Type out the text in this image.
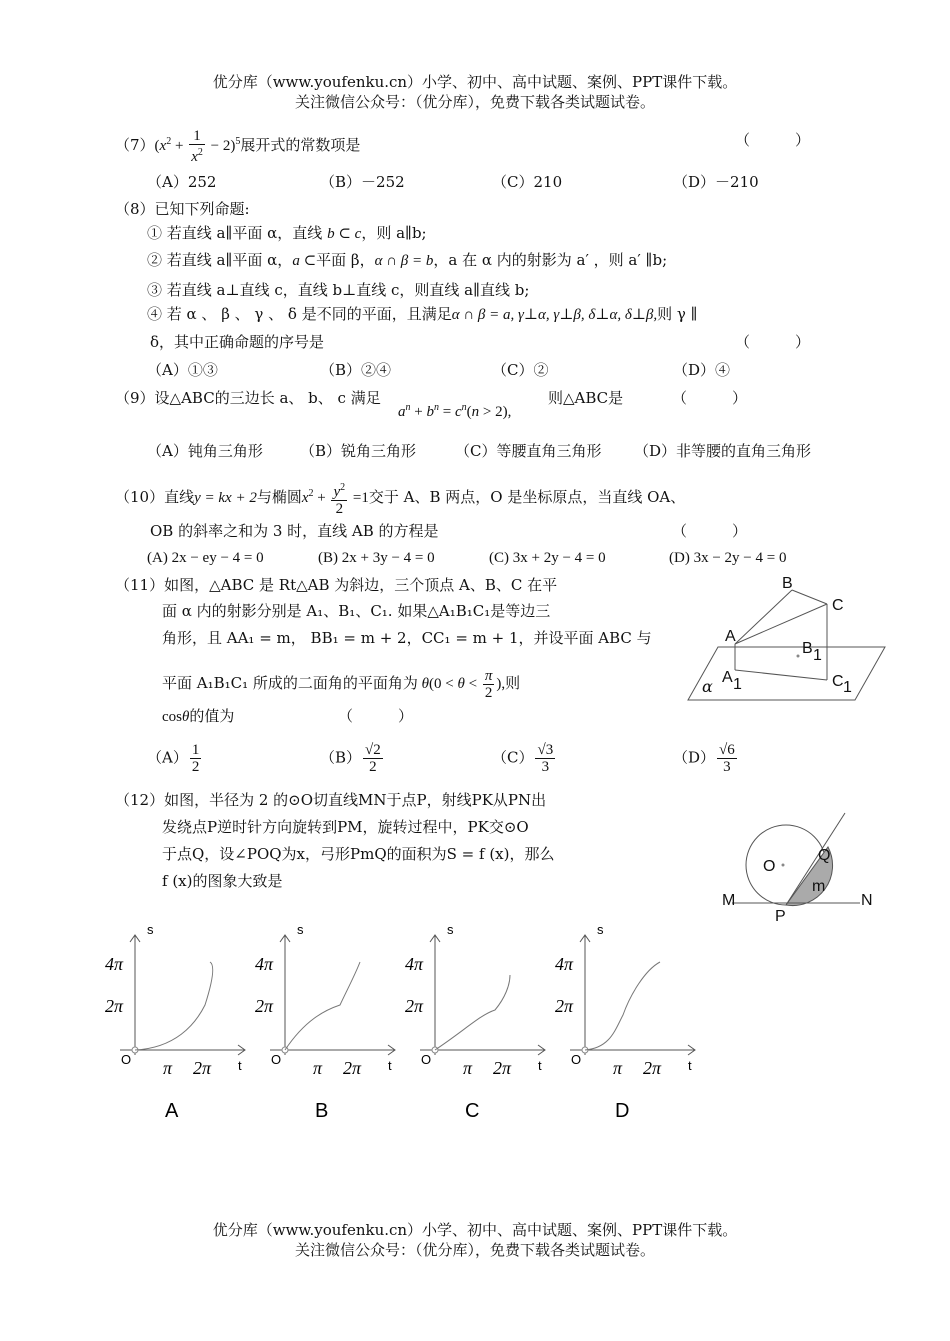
优分库（www.youfenku.cn）小学、初中、高中试题、案例、PPT课件下载。
关注微信公众号：（优分库），免费下载各类试题试卷。
$(7)(x^2 + \frac{1}{x^2} - 2)^5$展开式的常数项是	（　　　）
（A）252	（B）－252	（C）210	（D）－210
（8）已知下列命题:
① 若直线 a∥平面 α，直线 b ⊂ c，则 a∥b;
② 若直线 a∥平面 α，a ⊂平面 β，α ∩ β = b，a 在 α 内的射影为 a′ ，则 a′ ∥b;
③ 若直线 a⊥直线 c，直线 b⊥直线 c，则直线 a∥直线 b;
④ 若 α 、 β 、 γ 、 δ 是不同的平面，且满足α ∩ β = a, γ⊥α, γ⊥β, δ⊥α, δ⊥β,则 γ ∥
δ，其中正确命题的序号是	（　　　）
（A）①③	（B）②④	（C）②	（D）④
（9）设△ABC的三边长 a、 b、 c 满足
$a^n + b^n = c^n(n > 2)$,
则△ABC是	（　　　）
（A）钝角三角形 （B）锐角三角形	（C）等腰直角三角形 （D）非等腰的直角三角形
（10）直线y = kx + 2与椭圆$x^2 + \frac{y^2}{2} =1$交于 A、B 两点，O 是坐标原点，当直线 OA、
OB 的斜率之和为 3 时，直线 AB 的方程是	（　　　）
(A) 2x − ey − 4 = 0	(B) 2x + 3y − 4 = 0	(C) 3x + 2y − 4 = 0	(D) 3x − 2y − 4 = 0
（11）如图，△ABC 是 Rt△AB 为斜边，三个顶点 A、B、C 在平
面 α 内的射影分别是 A₁、B₁、C₁. 如果△A₁B₁C₁是等边三
角形，且 AA₁ = m， BB₁ = m + 2，CC₁ = m + 1，并设平面 ABC 与
平面 A₁B₁C₁ 所成的二面角的平面角为 $\theta(0 < \theta < \frac{\pi}{2}$ ),则
cosθ的值为	（　　　）
$(A) \frac{1}{2}$	$(B) \frac{√2}{2}$	$(C) \frac{√3}{3}$	$(D) \frac{√6}{3}$
B
C
A
B 1
A 1	C 1
α
（12）如图，半径为 2 的⊙O切直线MN于点P，射线PK从PN出
发绕点P逆时针方向旋转到PM，旋转过程中，PK交⊙O
于点Q，设∠POQ为x，弓形PmQ的面积为S = f (x)，那么
f (x)的图象大致是
O
Q
m
M
P
N
s
t
O
4π
2π
π 2π
A
s
t
O
4π
2π
π 2π
B
s
t
O
4π
2π
π 2π
C
s
t
O
4π
2π
π 2π
D
优分库（www.youfenku.cn）小学、初中、高中试题、案例、PPT课件下载。
关注微信公众号：（优分库），免费下载各类试题试卷。
